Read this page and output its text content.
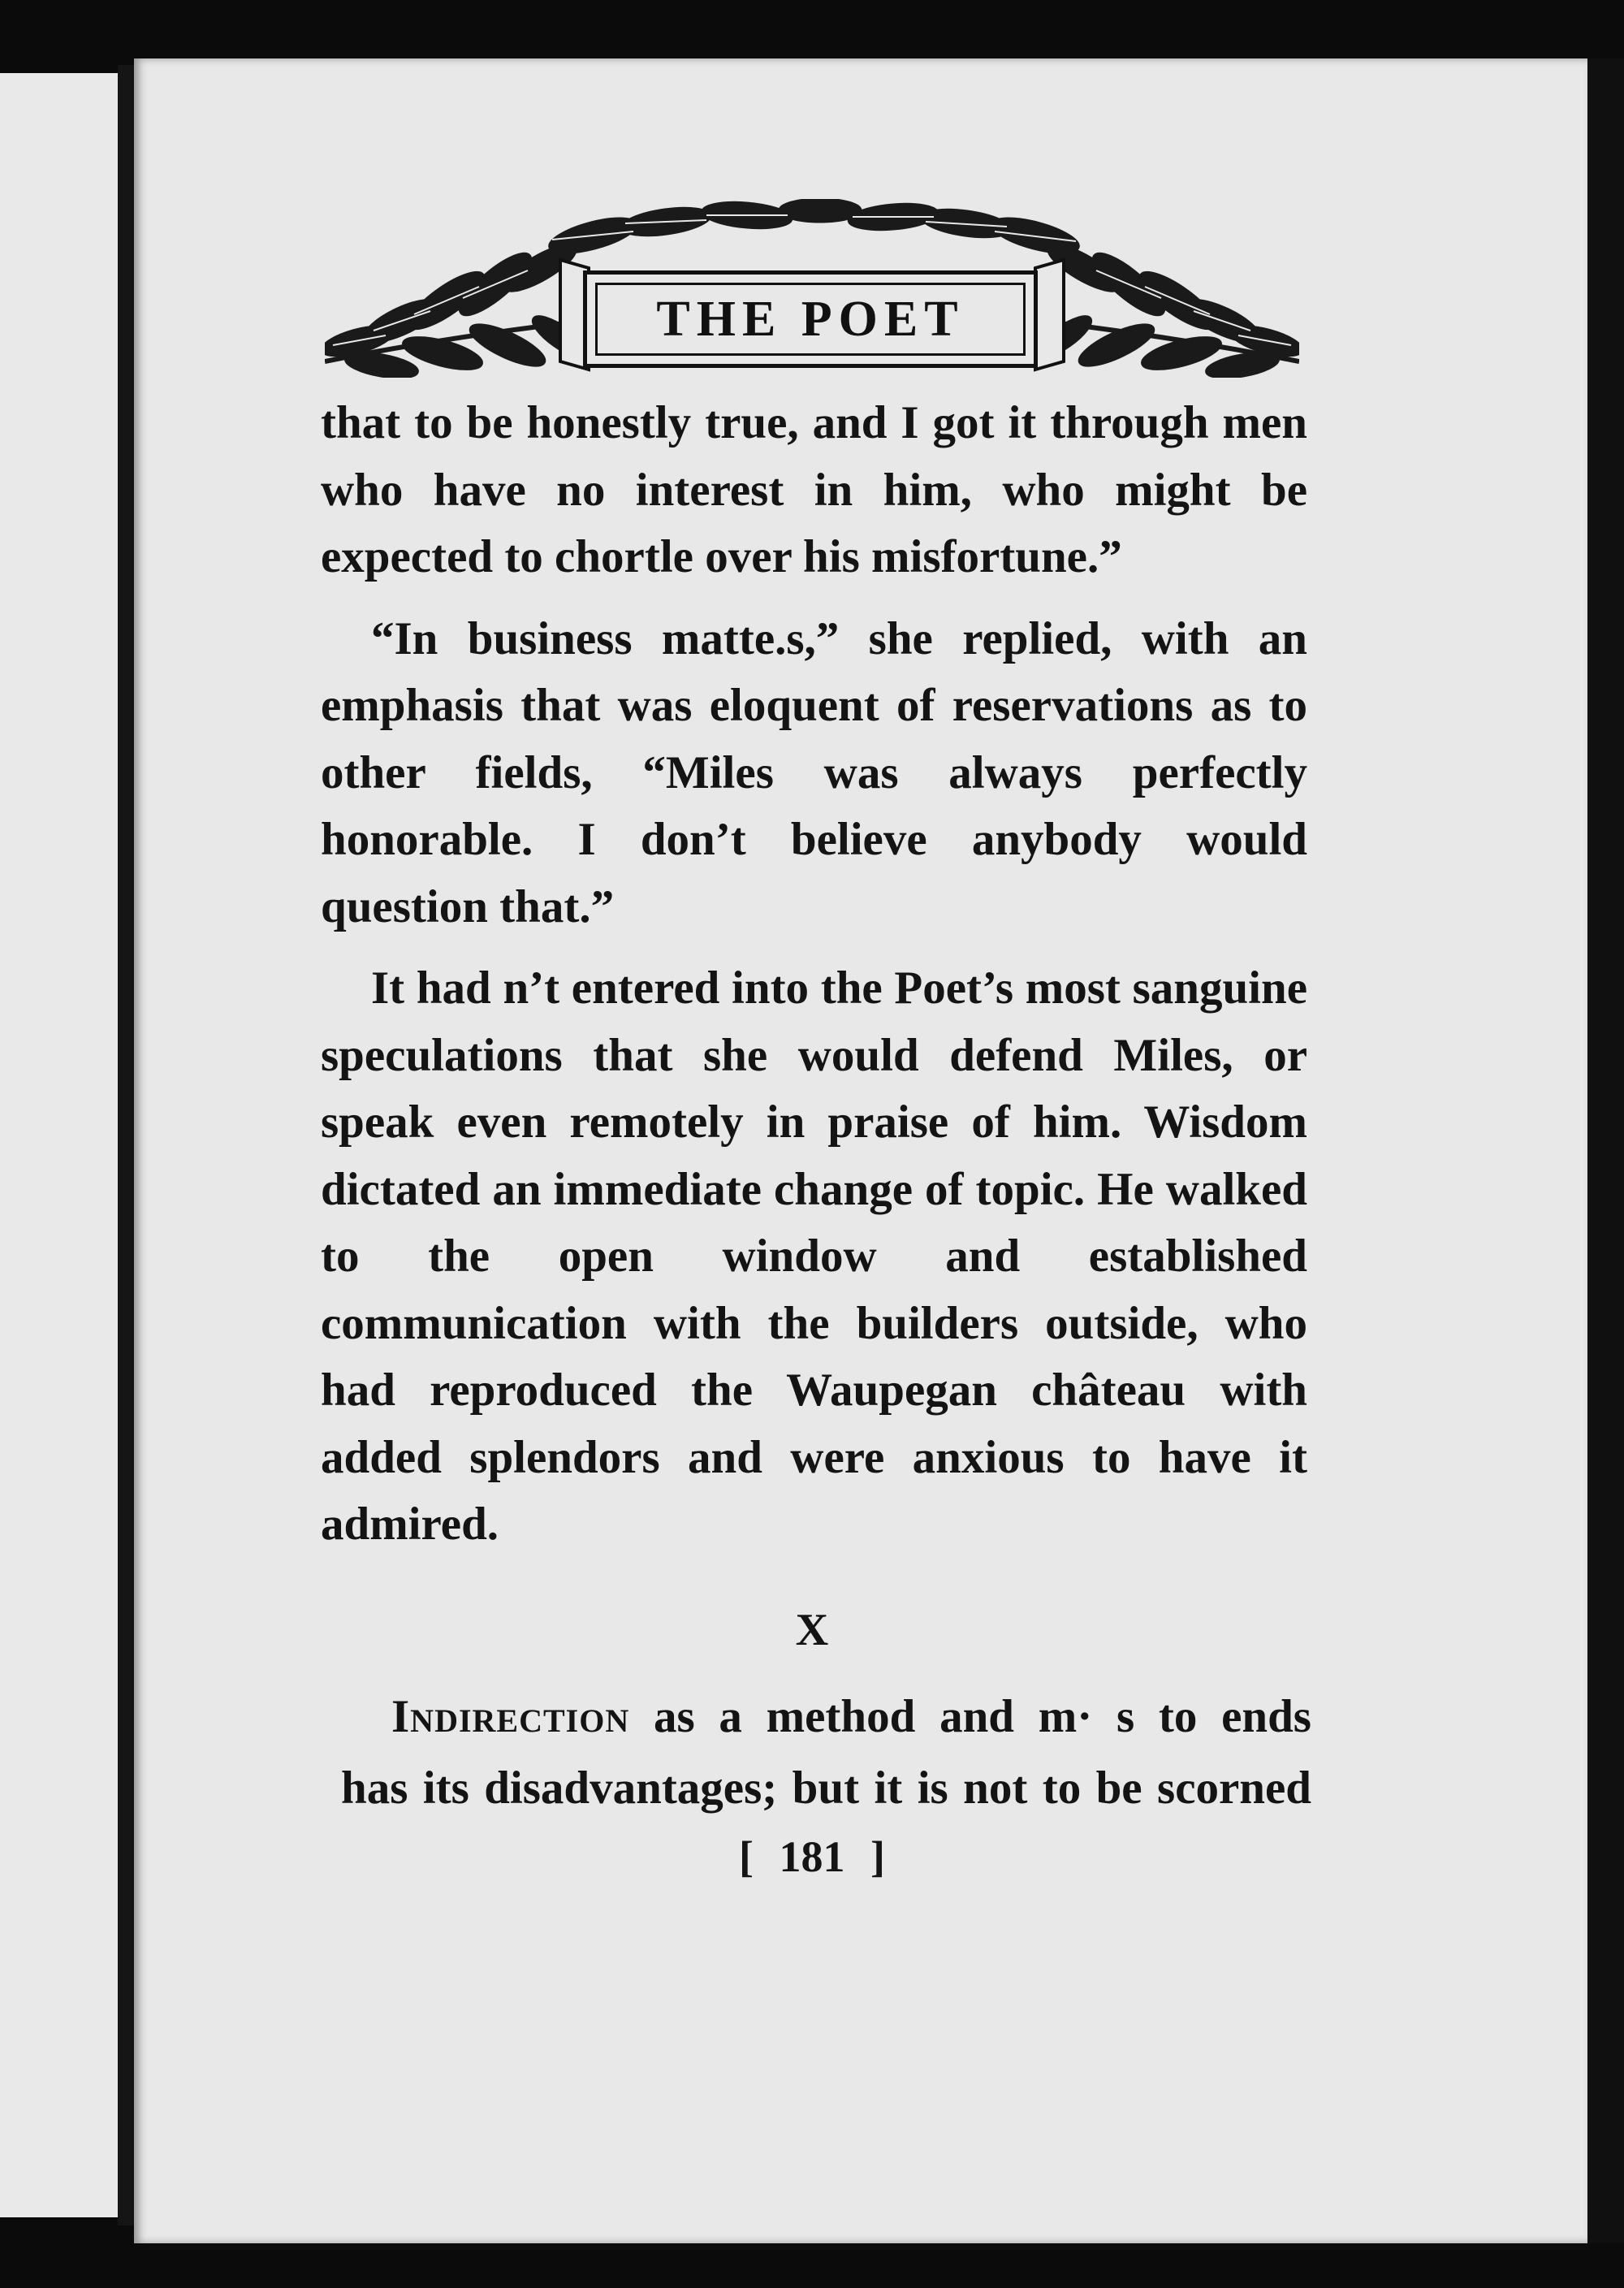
THE POET

that to be honestly true, and I got it through men who have no interest in him, who might be expected to chortle over his misfortune.”

“In business matte.s,” she replied, with an emphasis that was eloquent of reservations as to other fields, “Miles was always perfectly honorable. I don’t believe anybody would question that.”

It had n’t entered into the Poet’s most sanguine speculations that she would defend Miles, or speak even remotely in praise of him. Wisdom dictated an immediate change of topic. He walked to the open window and established communication with the builders outside, who had reproduced the Waupegan château with added splendors and were anxious to have it admired.

X

Indirection as a method and m· s to ends

has its disadvantages; but it is not to be scorned

[ 181 ]
